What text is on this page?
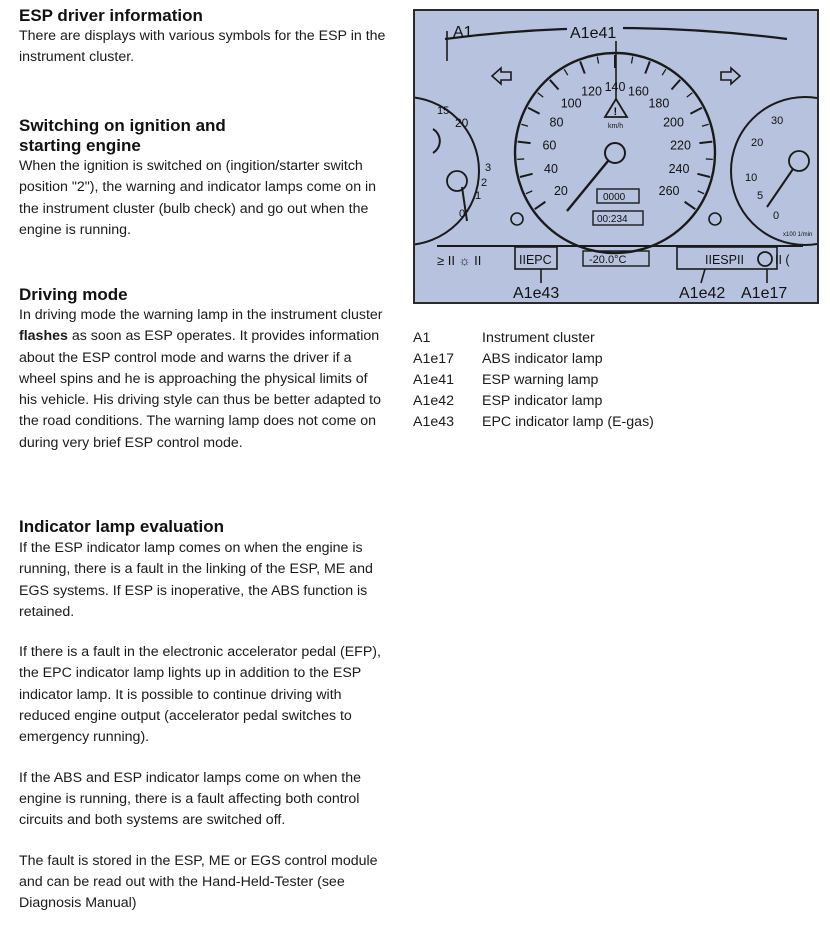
ESP driver information

There are displays with various symbols for the ESP in the instrument cluster.

Switching on ignition and starting engine

When the ignition is switched on (ingition/starter switch position "2"), the warning and indicator lamps come on in the instrument cluster (bulb check) and go out when the engine is running.

Driving mode

In driving mode the warning lamp in the instrument cluster flashes as soon as ESP operates. It provides information about the ESP control mode and warns the driver if a wheel spins and he is approaching the physical limits of his vehicle. His driving style can thus be better adapted to the road conditions. The warning lamp does not come on during very brief ESP control mode.

Indicator lamp evaluation

If the ESP indicator lamp comes on when the engine is running, there is a fault in the linking of the ESP, ME and EGS systems. If ESP is inoperative, the ABS function is retained.

If there is a fault in the electronic accelerator pedal (EFP), the EPC indicator lamp lights up in addition to the ESP indicator lamp. It is possible to continue driving with reduced engine output (accelerator pedal switches to emergency running).

If the ABS and ESP indicator lamps come on when the engine is running, there is a fault affecting both control circuits and both systems are switched off.

The fault is stored in the ESP, ME or EGS control module and can be read out with the Hand-Held-Tester (see Diagnosis Manual)

A1	A1e41
15
20
3
2
1
0
20
40
60
80
100
120 140 160
180
200
220
240
260
!
km/h
0000
00:234
30
20
10
5
0
x100 1/min
≥ II ☼ II	IIEPC	-20.0°C	IIESPII II (
A1e43	A1e42 A1e17
A1	Instrument cluster
A1e17	ABS indicator lamp
A1e41	ESP warning lamp
A1e42	ESP indicator lamp
A1e43	EPC indicator lamp (E-gas)
